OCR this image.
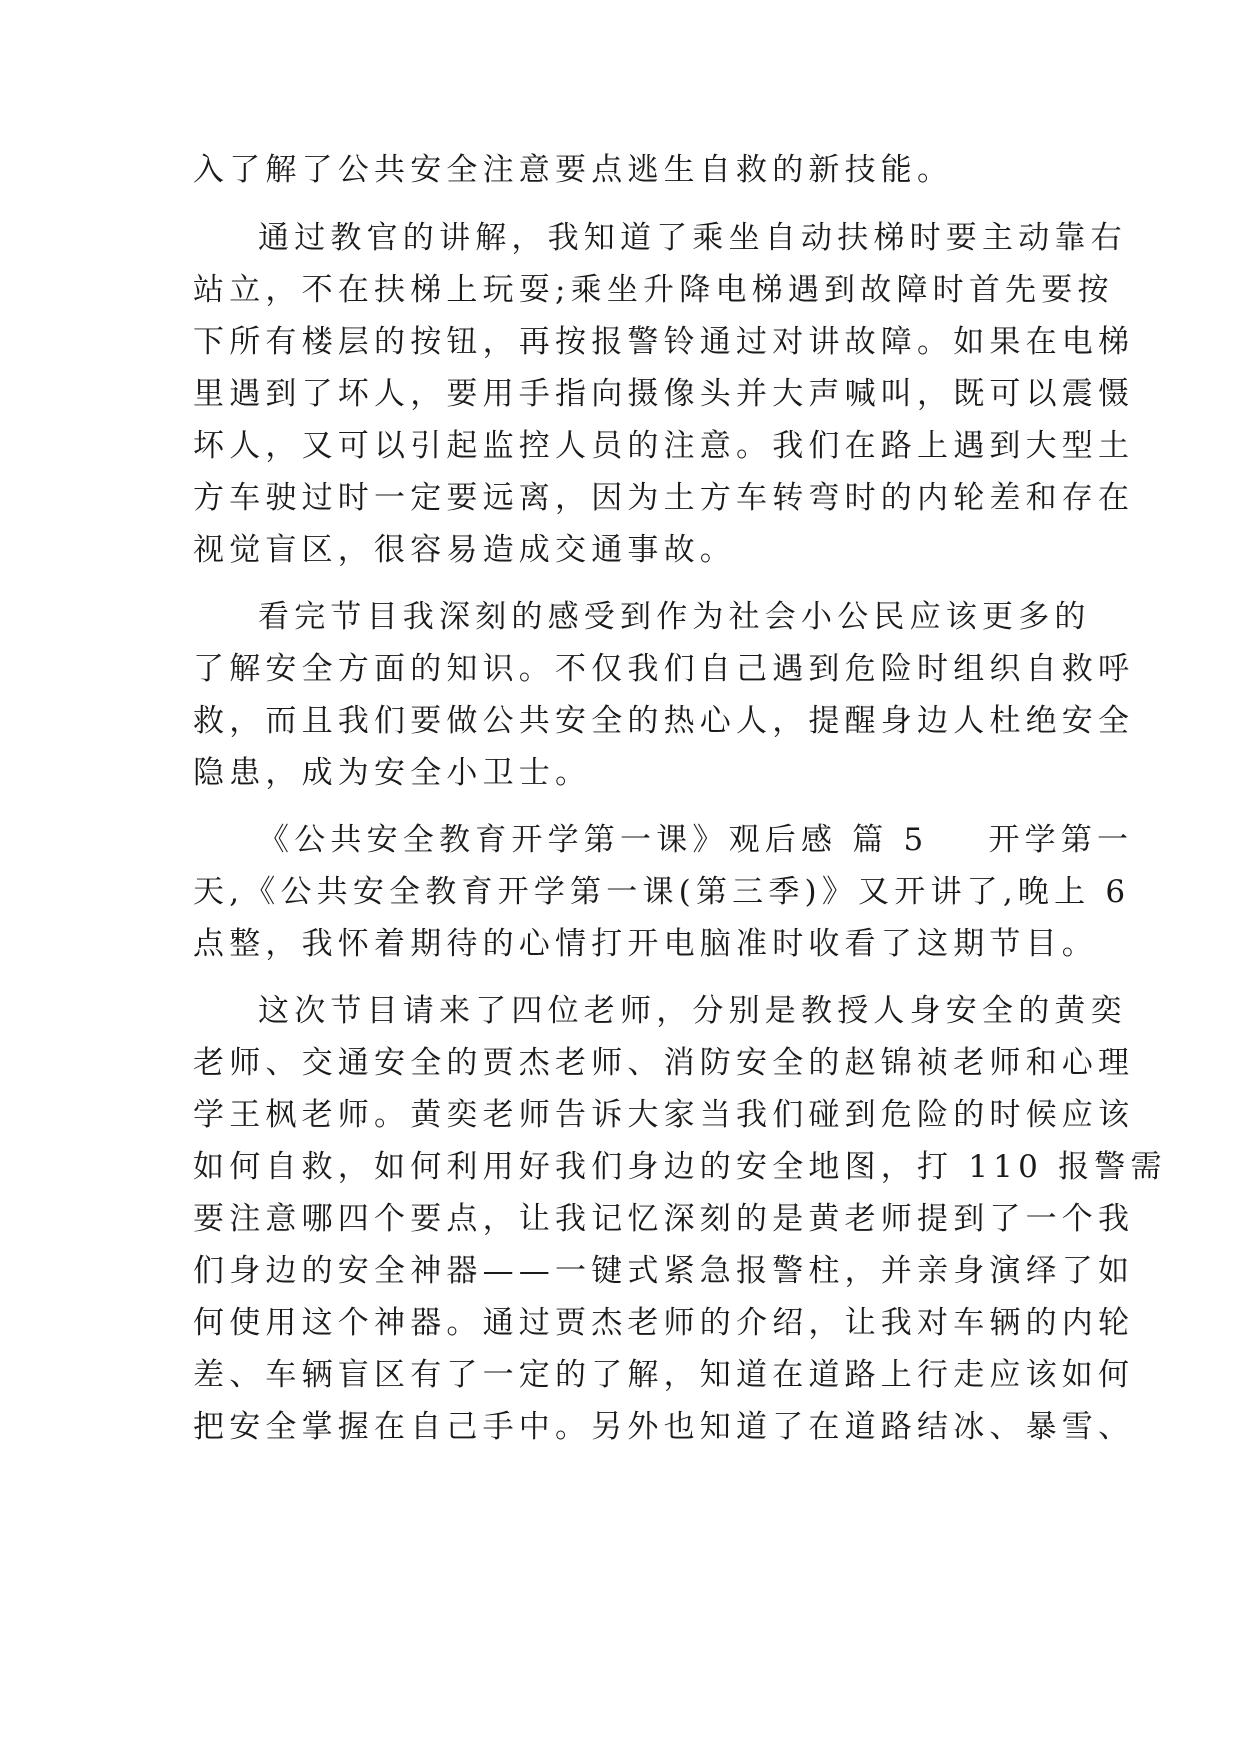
入了解了公共安全注意要点逃生自救的新技能。
通过教官的讲解，我知道了乘坐自动扶梯时要主动靠右
站立，不在扶梯上玩耍;乘坐升降电梯遇到故障时首先要按
下所有楼层的按钮，再按报警铃通过对讲故障。如果在电梯
里遇到了坏人，要用手指向摄像头并大声喊叫，既可以震慑
坏人，又可以引起监控人员的注意。我们在路上遇到大型土
方车驶过时一定要远离，因为土方车转弯时的内轮差和存在
视觉盲区，很容易造成交通事故。
看完节目我深刻的感受到作为社会小公民应该更多的
了解安全方面的知识。不仅我们自己遇到危险时组织自救呼
救，而且我们要做公共安全的热心人，提醒身边人杜绝安全
隐患，成为安全小卫士。
《公共安全教育开学第一课》观后感 篇 5 开学第一
天,《公共安全教育开学第一课(第三季)》又开讲了,晚上 6
点整，我怀着期待的心情打开电脑准时收看了这期节目。
这次节目请来了四位老师，分别是教授人身安全的黄奕
老师、交通安全的贾杰老师、消防安全的赵锦祯老师和心理
学王枫老师。黄奕老师告诉大家当我们碰到危险的时候应该
如何自救，如何利用好我们身边的安全地图，打 110 报警需
要注意哪四个要点，让我记忆深刻的是黄老师提到了一个我
们身边的安全神器——一键式紧急报警柱，并亲身演绎了如
何使用这个神器。通过贾杰老师的介绍，让我对车辆的内轮
差、车辆盲区有了一定的了解，知道在道路上行走应该如何
把安全掌握在自己手中。另外也知道了在道路结冰、暴雪、
